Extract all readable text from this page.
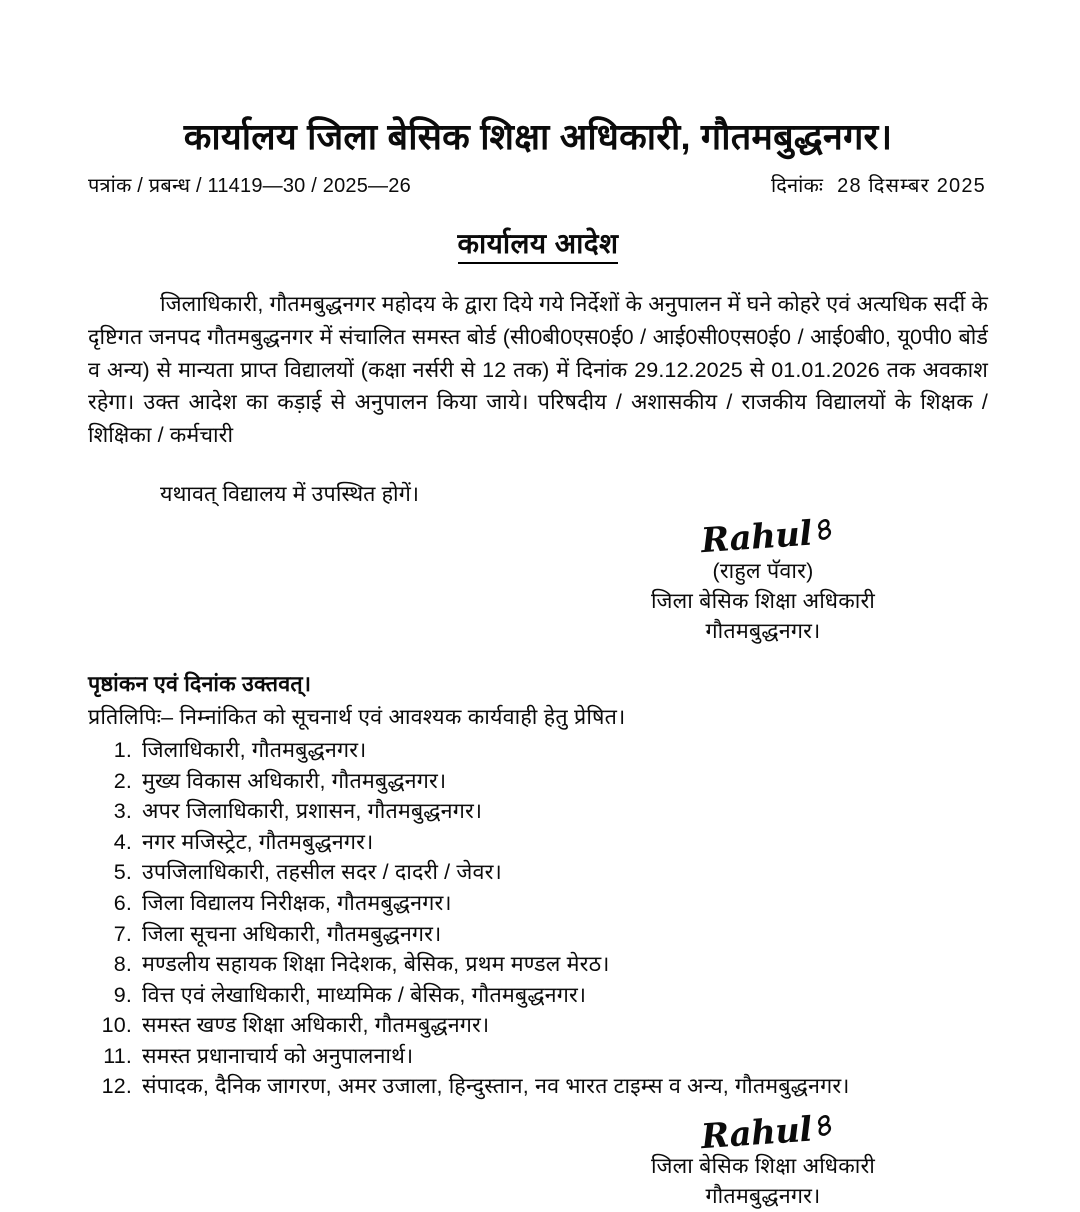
कार्यालय जिला बेसिक शिक्षा अधिकारी, गौतमबुद्धनगर।
पत्रांक / प्रबन्ध / 11419—30 / 2025—26	दिनांकः 28 दिसम्बर 2025
कार्यालय आदेश
जिलाधिकारी, गौतमबुद्धनगर महोदय के द्वारा दिये गये निर्देशों के अनुपालन में घने कोहरे एवं अत्यधिक सर्दी के दृष्टिगत जनपद गौतमबुद्धनगर में संचालित समस्त बोर्ड (सी0बी0एस0ई0 / आई0सी0एस0ई0 / आई0बी0, यू0पी0 बोर्ड व अन्य) से मान्यता प्राप्त विद्यालयों (कक्षा नर्सरी से 12 तक) में दिनांक 29.12.2025 से 01.01.2026 तक अवकाश रहेगा। उक्त आदेश का कड़ाई से अनुपालन किया जाये। परिषदीय / अशासकीय / राजकीय विद्यालयों के शिक्षक / शिक्षिका / कर्मचारी
यथावत् विद्यालय में उपस्थित होगें।
Rahul৪
(राहुल पॅवार)
जिला बेसिक शिक्षा अधिकारी
गौतमबुद्धनगर।
पृष्ठांकन एवं दिनांक उक्तवत्।
प्रतिलिपिः– निम्नांकित को सूचनार्थ एवं आवश्यक कार्यवाही हेतु प्रेषित।
1. जिलाधिकारी, गौतमबुद्धनगर।
2. मुख्य विकास अधिकारी, गौतमबुद्धनगर।
3. अपर जिलाधिकारी, प्रशासन, गौतमबुद्धनगर।
4. नगर मजिस्ट्रेट, गौतमबुद्धनगर।
5. उपजिलाधिकारी, तहसील सदर / दादरी / जेवर।
6. जिला विद्यालय निरीक्षक, गौतमबुद्धनगर।
7. जिला सूचना अधिकारी, गौतमबुद्धनगर।
8. मण्डलीय सहायक शिक्षा निदेशक, बेसिक, प्रथम मण्डल मेरठ।
9. वित्त एवं लेखाधिकारी, माध्यमिक / बेसिक, गौतमबुद्धनगर।
10. समस्त खण्ड शिक्षा अधिकारी, गौतमबुद्धनगर।
11. समस्त प्रधानाचार्य को अनुपालनार्थ।
12. संपादक, दैनिक जागरण, अमर उजाला, हिन्दुस्तान, नव भारत टाइम्स व अन्य, गौतमबुद्धनगर।
Rahul৪
जिला बेसिक शिक्षा अधिकारी
गौतमबुद्धनगर।
